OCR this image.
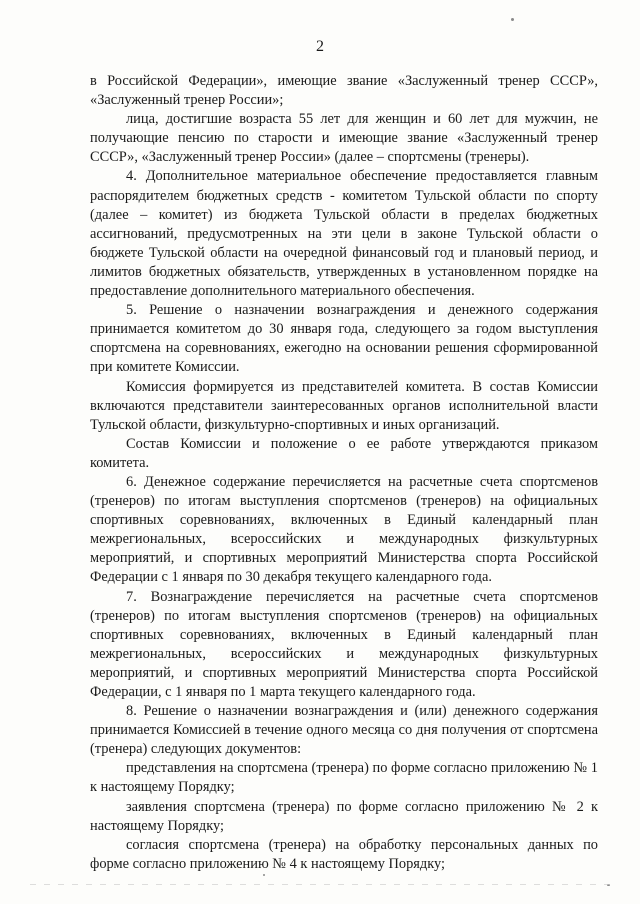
2

в Российской Федерации», имеющие звание «Заслуженный тренер СССР», «Заслуженный тренер России»;

лица, достигшие возраста 55 лет для женщин и 60 лет для мужчин, не получающие пенсию по старости и имеющие звание «Заслуженный тренер СССР», «Заслуженный тренер России» (далее – спортсмены (тренеры).

4. Дополнительное материальное обеспечение предоставляется главным распорядителем бюджетных средств - комитетом Тульской области по спорту (далее – комитет) из бюджета Тульской области в пределах бюджетных ассигнований, предусмотренных на эти цели в законе Тульской области о бюджете Тульской области на очередной финансовый год и плановый период, и лимитов бюджетных обязательств, утвержденных в установленном порядке на предоставление дополнительного материального обеспечения.

5. Решение о назначении вознаграждения и денежного содержания принимается комитетом до 30 января года, следующего за годом выступления спортсмена на соревнованиях, ежегодно на основании решения сформированной при комитете Комиссии.

Комиссия формируется из представителей комитета. В состав Комиссии включаются представители заинтересованных органов исполнительной власти Тульской области, физкультурно-спортивных и иных организаций.

Состав Комиссии и положение о ее работе утверждаются приказом комитета.

6. Денежное содержание перечисляется на расчетные счета спортсменов (тренеров) по итогам выступления спортсменов (тренеров) на официальных спортивных соревнованиях, включенных в Единый календарный план межрегиональных, всероссийских и международных физкультурных мероприятий, и спортивных мероприятий Министерства спорта Российской Федерации с 1 января по 30 декабря текущего календарного года.

7. Вознаграждение перечисляется на расчетные счета спортсменов (тренеров) по итогам выступления спортсменов (тренеров) на официальных спортивных соревнованиях, включенных в Единый календарный план межрегиональных, всероссийских и международных физкультурных мероприятий, и спортивных мероприятий Министерства спорта Российской Федерации, с 1 января по 1 марта текущего календарного года.

8. Решение о назначении вознаграждения и (или) денежного содержания принимается Комиссией в течение одного месяца со дня получения от спортсмена (тренера) следующих документов:

представления на спортсмена (тренера) по форме согласно приложению № 1 к настоящему Порядку;

заявления спортсмена (тренера) по форме согласно приложению № 2 к настоящему Порядку;

согласия спортсмена (тренера) на обработку персональных данных по форме согласно приложению № 4 к настоящему Порядку;
